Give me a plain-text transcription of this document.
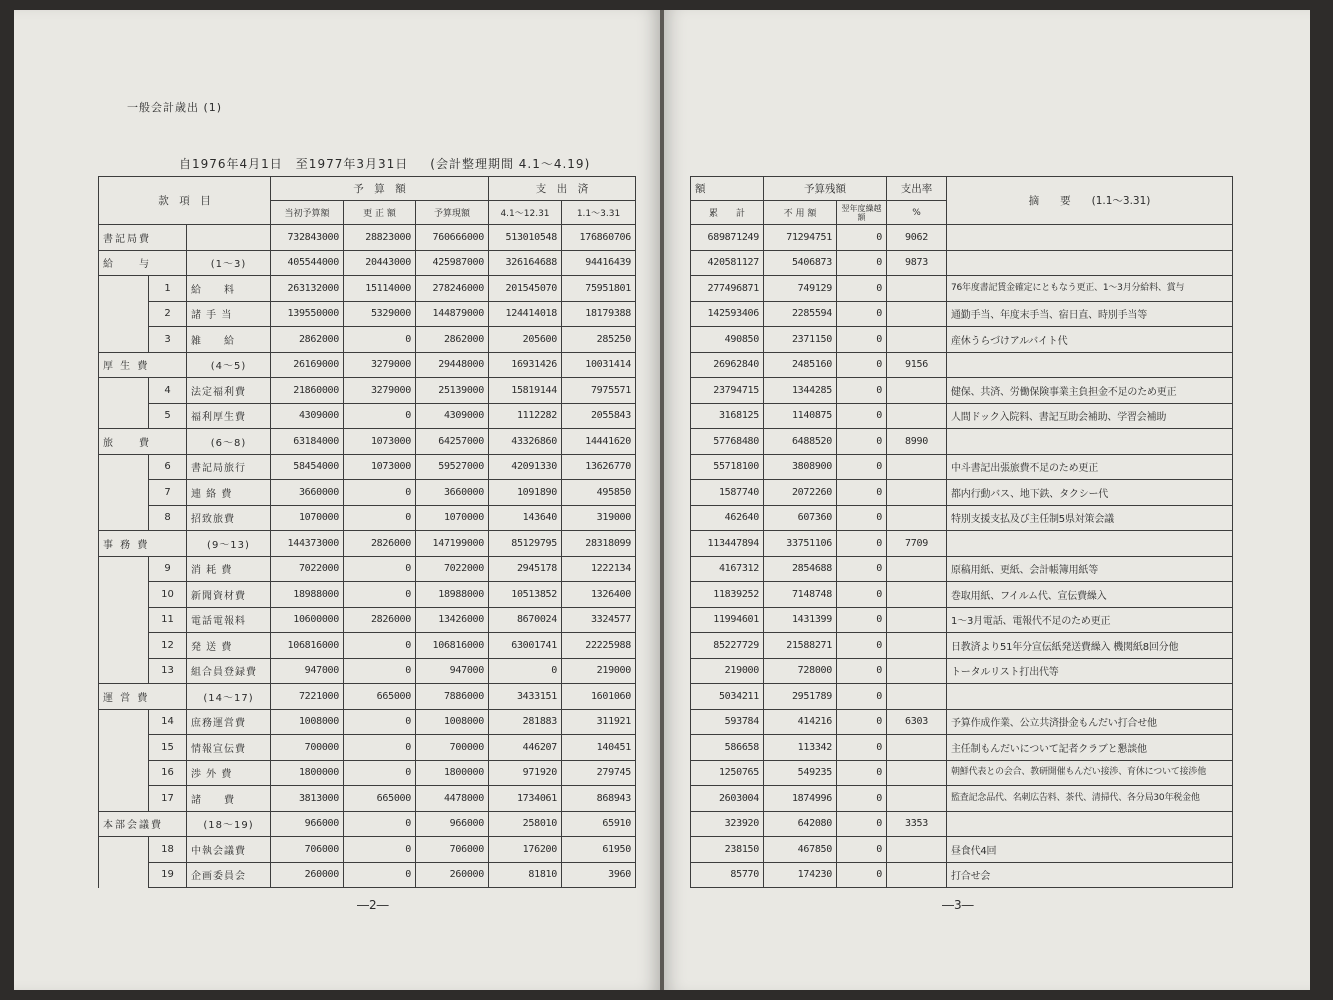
一般会計歳出 (1)
自1976年4月1日　至1977年3月31日 (会計整理期間 4.1～4.19)
款　項　目			予　算　額			支　出　済	
			当初予算額	更 正 額	予算現額	4.1～12.31	1.1～3.31
書記局費			732843000	28823000	760666000	513010548	176860706
給　　与		(1～3)	405544000	20443000	425987000	326164688	94416439
	1	給　　料	263132000	15114000	278246000	201545070	75951801
	2	諸 手 当	139550000	5329000	144879000	124414018	18179388
	3	雑　　給	2862000	0	2862000	205600	285250
厚 生 費		(4～5)	26169000	3279000	29448000	16931426	10031414
	4	法定福利費	21860000	3279000	25139000	15819144	7975571
	5	福利厚生費	4309000	0	4309000	1112282	2055843
旅　　費		(6～8)	63184000	1073000	64257000	43326860	14441620
	6	書記局旅行	58454000	1073000	59527000	42091330	13626770
	7	連 絡 費	3660000	0	3660000	1091890	495850
	8	招致旅費	1070000	0	1070000	143640	319000
事 務 費		(9～13)	144373000	2826000	147199000	85129795	28318099
	9	消 耗 費	7022000	0	7022000	2945178	1222134
	10	新聞資材費	18988000	0	18988000	10513852	1326400
	11	電話電報料	10600000	2826000	13426000	8670024	3324577
	12	発 送 費	106816000	0	106816000	63001741	22225988
	13	組合員登録費	947000	0	947000	0	219000
運 営 費		(14～17)	7221000	665000	7886000	3433151	1601060
	14	庶務運営費	1008000	0	1008000	281883	311921
	15	情報宣伝費	700000	0	700000	446207	140451
	16	渉 外 費	1800000	0	1800000	971920	279745
	17	諸　　費	3813000	665000	4478000	1734061	868943
本部会議費		(18～19)	966000	0	966000	258010	65910
	18	中執会議費	706000	0	706000	176200	61950
	19	企画委員会	260000	0	260000	81810	3960
―2―
額	予算残額		支出率	摘　　要　　(1.1～3.31)
累　　計	不 用 額	翌年度繰越額	%	
689871249	71294751	0	9062	
420581127	5406873	0	9873	
277496871	749129	0		76年度書記賃金確定にともなう更正、1～3月分給料、賞与
142593406	2285594	0		通勤手当、年度末手当、宿日直、時別手当等
490850	2371150	0		産休うらづけアルバイト代
26962840	2485160	0	9156	
23794715	1344285	0		健保、共済、労働保険事業主負担金不足のため更正
3168125	1140875	0		人間ドック入院料、書記互助会補助、学習会補助
57768480	6488520	0	8990	
55718100	3808900	0		中斗書記出張旅費不足のため更正
1587740	2072260	0		都内行動バス、地下鉄、タクシー代
462640	607360	0		特別支援支払及び主任制5県対策会議
113447894	33751106	0	7709	
4167312	2854688	0		原稿用紙、更紙、会計帳簿用紙等
11839252	7148748	0		巻取用紙、フイルム代、宣伝費繰入
11994601	1431399	0		1～3月電話、電報代不足のため更正
85227729	21588271	0		日教済より51年分宣伝紙発送費繰入 機関紙8回分他
219000	728000	0		トータルリスト打出代等
5034211	2951789	0		
593784	414216	0	6303	予算作成作業、公立共済掛金もんだい打合せ他
586658	113342	0		主任制もんだいについて記者クラブと懇談他
1250765	549235	0		朝鮮代表との会合、教研開催もんだい接渉、育休について接渉他
2603004	1874996	0		監査記念品代、名刺広告料、茶代、清掃代、各分局30年税金他
323920	642080	0	3353	
238150	467850	0		昼食代4回
85770	174230	0		打合せ会
―3―
